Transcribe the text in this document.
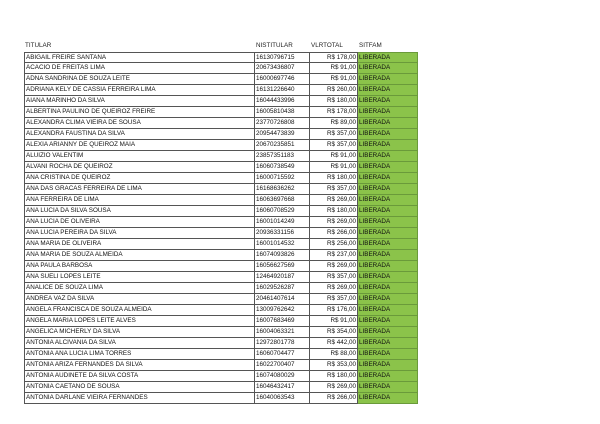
TITULAR	NISTITULAR	VLRTOTAL	SITFAM
ABIGAIL FREIRE SANTANA	16130796715	R$ 178,00 LIBERADA
ACACIO DE FREITAS LIMA	20673436807	R$ 91,00 LIBERADA
ADNA SANDRINA DE SOUZA LEITE	16000697746	R$ 91,00 LIBERADA
ADRIANA KELY DE CASSIA FERREIRA LIMA	16131226640	R$ 260,00 LIBERADA
AIANA MARINHO DA SILVA	16044433996	R$ 180,00 LIBERADA
ALBERTINA PAULINO DE QUEIROZ FREIRE	16005810438	R$ 178,00 LIBERADA
ALEXANDRA CLIMA VIEIRA DE SOUSA	23770726808	R$ 89,00 LIBERADA
ALEXANDRA FAUSTINA DA SILVA	20954473839	R$ 357,00 LIBERADA
ALEXIA ARIANNY DE QUEIROZ MAIA	20670235851	R$ 357,00 LIBERADA
ALUIZIO VALENTIM	23857351183	R$ 91,00 LIBERADA
ALVANI ROCHA DE QUEIROZ	16060738549	R$ 91,00 LIBERADA
ANA CRISTINA DE QUEIROZ	16000715592	R$ 180,00 LIBERADA
ANA DAS GRACAS FERREIRA DE LIMA	16168636262	R$ 357,00 LIBERADA
ANA FERREIRA DE LIMA	16063697668	R$ 269,00 LIBERADA
ANA LUCIA DA SILVA SOUSA	16060708529	R$ 180,00 LIBERADA
ANA LUCIA DE OLIVEIRA	16001014249	R$ 269,00 LIBERADA
ANA LUCIA PEREIRA DA SILVA	20936331156	R$ 266,00 LIBERADA
ANA MARIA DE OLIVEIRA	16001014532	R$ 256,00 LIBERADA
ANA MARIA DE SOUZA ALMEIDA	16074093826	R$ 237,00 LIBERADA
ANA PAULA BARBOSA	16056627569	R$ 269,00 LIBERADA
ANA SUELI LOPES LEITE	12464920187	R$ 357,00 LIBERADA
ANALICE DE SOUZA LIMA	16029526287	R$ 269,00 LIBERADA
ANDREA VAZ DA SILVA	20461407614	R$ 357,00 LIBERADA
ANGELA FRANCISCA DE SOUZA ALMEIDA	13009762642	R$ 176,00 LIBERADA
ANGELA MARIA LOPES LEITE ALVES	16007683469	R$ 91,00 LIBERADA
ANGELICA MICHERLY DA SILVA	16004063321	R$ 354,00 LIBERADA
ANTONIA ALCIVANIA DA SILVA	12972801778	R$ 442,00 LIBERADA
ANTONIA ANA LUCIA LIMA TORRES	16060704477	R$ 88,00 LIBERADA
ANTONIA ARIZA FERNANDES DA SILVA	16022700407	R$ 353,00 LIBERADA
ANTONIA AUDINETE DA SILVA COSTA	16074080029	R$ 180,00 LIBERADA
ANTONIA CAETANO DE SOUSA	16046432417	R$ 269,00 LIBERADA
ANTONIA DARLANE VIEIRA FERNANDES	16040063543	R$ 266,00 LIBERADA
